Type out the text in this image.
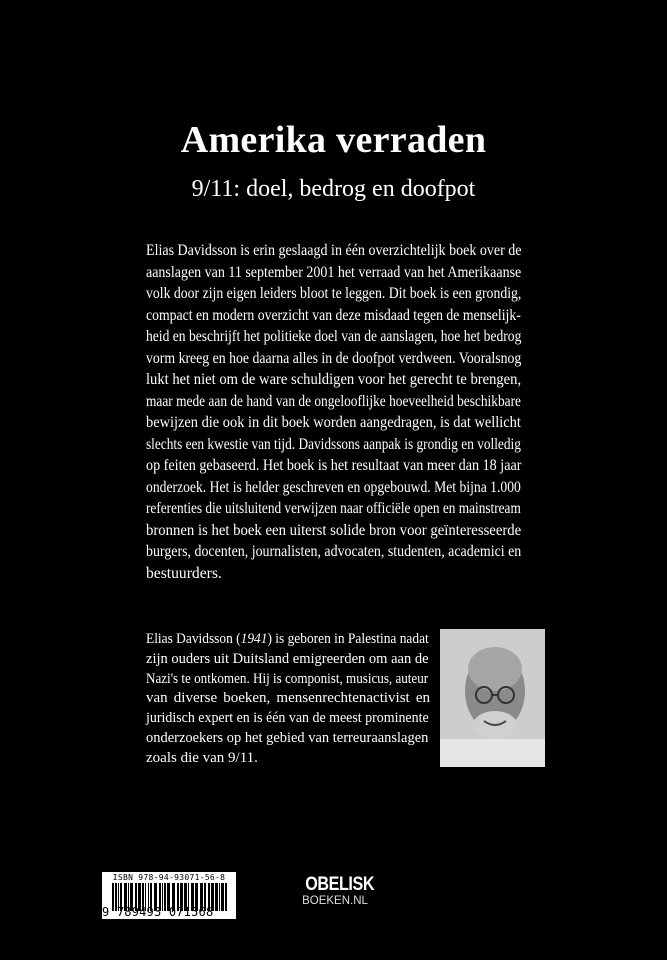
Amerika verraden
9/11: doel, bedrog en doofpot
Elias Davidsson is erin geslaagd in één overzichtelijk boek over de
aanslagen van 11 september 2001 het verraad van het Amerikaanse
volk door zijn eigen leiders bloot te leggen. Dit boek is een grondig,
compact en modern overzicht van deze misdaad tegen de menselijk-
heid en beschrijft het politieke doel van de aanslagen, hoe het bedrog
vorm kreeg en hoe daarna alles in de doofpot verdween. Vooralsnog
lukt het niet om de ware schuldigen voor het gerecht te brengen,
maar mede aan de hand van de ongelooflijke hoeveelheid beschikbare
bewijzen die ook in dit boek worden aangedragen, is dat wellicht
slechts een kwestie van tijd. Davidssons aanpak is grondig en volledig
op feiten gebaseerd. Het boek is het resultaat van meer dan 18 jaar
onderzoek. Het is helder geschreven en opgebouwd. Met bijna 1.000
referenties die uitsluitend verwijzen naar officiële open en mainstream
bronnen is het boek een uiterst solide bron voor geïnteresseerde
burgers, docenten, journalisten, advocaten, studenten, academici en
bestuurders.
Elias Davidsson (1941) is geboren in Palestina nadat
zijn ouders uit Duitsland emigreerden om aan de
Nazi's te ontkomen. Hij is componist, musicus, auteur
van diverse boeken, mensenrechtenactivist en
juridisch expert en is één van de meest prominente
onderzoekers op het gebied van terreuraanslagen
zoals die van 9/11.
ISBN 978-94-93071-56-8
9 789493 071568
OBELISK
BOEKEN.NL
